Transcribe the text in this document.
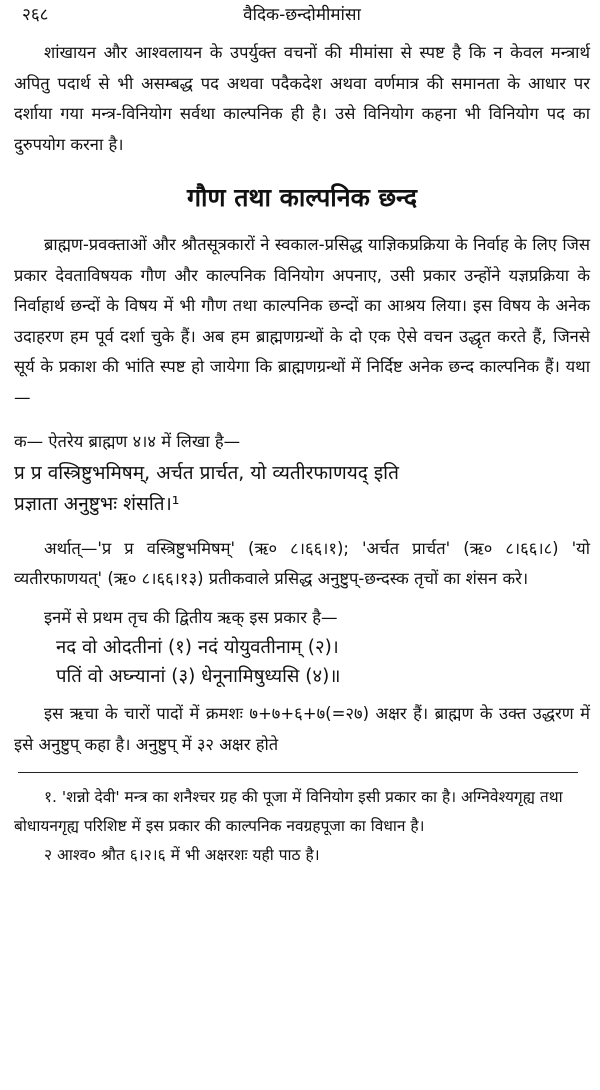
२६८	वैदिक-छन्दोमीमांसा

शांखायन और आश्वलायन के उपर्युक्त वचनों की मीमांसा से स्पष्ट है कि न केवल मन्त्रार्थ अपितु पदार्थ से भी असम्बद्ध पद अथवा पदैकदेश अथवा वर्णमात्र की समानता के आधार पर दर्शाया गया मन्त्र-विनियोग सर्वथा काल्पनिक ही है। उसे विनियोग कहना भी विनियोग पद का दुरुपयोग करना है।

गौण तथा काल्पनिक छन्द

ब्राह्मण-प्रवक्ताओं और श्रौतसूत्रकारों ने स्वकाल-प्रसिद्ध याज्ञिकप्रक्रिया के निर्वाह के लिए जिस प्रकार देवताविषयक गौण और काल्पनिक विनियोग अपनाए, उसी प्रकार उन्होंने यज्ञप्रक्रिया के निर्वाहार्थ छन्दों के विषय में भी गौण तथा काल्पनिक छन्दों का आश्रय लिया। इस विषय के अनेक उदाहरण हम पूर्व दर्शा चुके हैं। अब हम ब्राह्मणग्रन्थों के दो एक ऐसे वचन उद्धृत करते हैं, जिनसे सूर्य के प्रकाश की भांति स्पष्ट हो जायेगा कि ब्राह्मणग्रन्थों में निर्दिष्ट अनेक छन्द काल्पनिक हैं। यथा—

क— ऐतरेय ब्राह्मण ४।४ में लिखा है—

प्र प्र वस्त्रिष्टुभमिषम्, अर्चत प्रार्चत, यो व्यतीरफाणयद् इति

प्रज्ञाता अनुष्टुभः शंसति।¹

अर्थात्—'प्र प्र वस्त्रिष्टुभमिषम्' (ऋ० ८।६६।१); 'अर्चत प्रार्चत' (ऋ० ८।६६।८) 'यो व्यतीरफाणयत्' (ऋ० ८।६६।१३) प्रतीकवाले प्रसिद्ध अनुष्टुप्-छन्दस्क तृचों का शंसन करे।

इनमें से प्रथम तृच की द्वितीय ऋक् इस प्रकार है—

नद वो ओदतीनां (१) नदं योयुवतीनाम् (२)।

पतिं वो अघ्न्यानां (३) धेनूनामिषुध्यसि (४)॥

इस ऋचा के चारों पादों में क्रमशः ७+७+६+७(=२७) अक्षर हैं। ब्राह्मण के उक्त उद्धरण में इसे अनुष्टुप् कहा है। अनुष्टुप् में ३२ अक्षर होते

१. 'शन्नो देवी' मन्त्र का शनैश्चर ग्रह की पूजा में विनियोग इसी प्रकार का है। अग्निवेश्यगृह्य तथा बोधायनगृह्य परिशिष्ट में इस प्रकार की काल्पनिक नवग्रहपूजा का विधान है।

२ आश्व० श्रौत ६।२।६ में भी अक्षरशः यही पाठ है।
